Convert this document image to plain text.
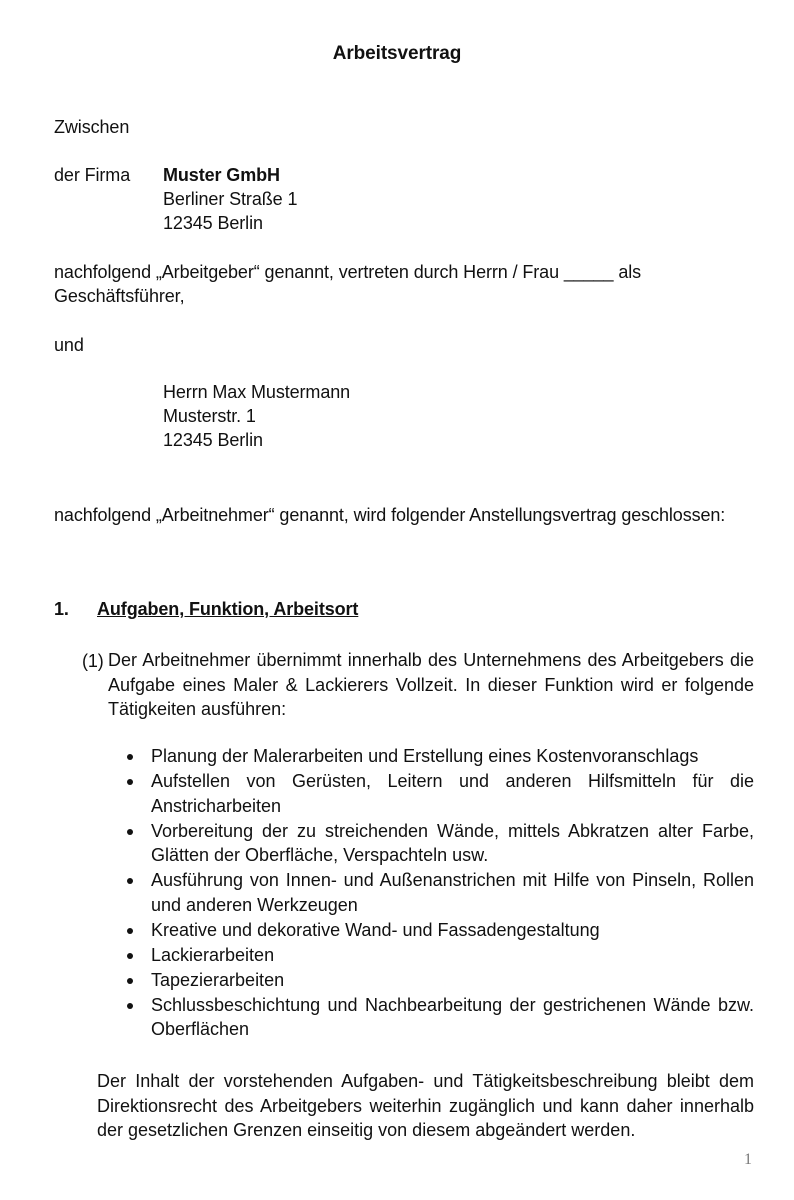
Arbeitsvertrag
Zwischen
der Firma Muster GmbH
Berliner Straße 1
12345 Berlin
nachfolgend „Arbeitgeber“ genannt, vertreten durch Herrn / Frau _____ als
Geschäftsführer,
und
Herrn Max Mustermann
Musterstr. 1
12345 Berlin
nachfolgend „Arbeitnehmer“ genannt, wird folgender Anstellungsvertrag geschlossen:
1. Aufgaben, Funktion, Arbeitsort
(1) Der Arbeitnehmer übernimmt innerhalb des Unternehmens des Arbeitgebers die Aufgabe eines Maler & Lackierers Vollzeit. In dieser Funktion wird er folgende Tätigkeiten ausführen:
Planung der Malerarbeiten und Erstellung eines Kostenvoranschlags
Aufstellen von Gerüsten, Leitern und anderen Hilfsmitteln für die Anstricharbeiten
Vorbereitung der zu streichenden Wände, mittels Abkratzen alter Farbe, Glätten der Oberfläche, Verspachteln usw.
Ausführung von Innen- und Außenanstrichen mit Hilfe von Pinseln, Rollen und anderen Werkzeugen
Kreative und dekorative Wand- und Fassadengestaltung
Lackierarbeiten
Tapezierarbeiten
Schlussbeschichtung und Nachbearbeitung der gestrichenen Wände bzw. Oberflächen
Der Inhalt der vorstehenden Aufgaben- und Tätigkeitsbeschreibung bleibt dem Direktionsrecht des Arbeitgebers weiterhin zugänglich und kann daher innerhalb der gesetzlichen Grenzen einseitig von diesem abgeändert werden.
1
